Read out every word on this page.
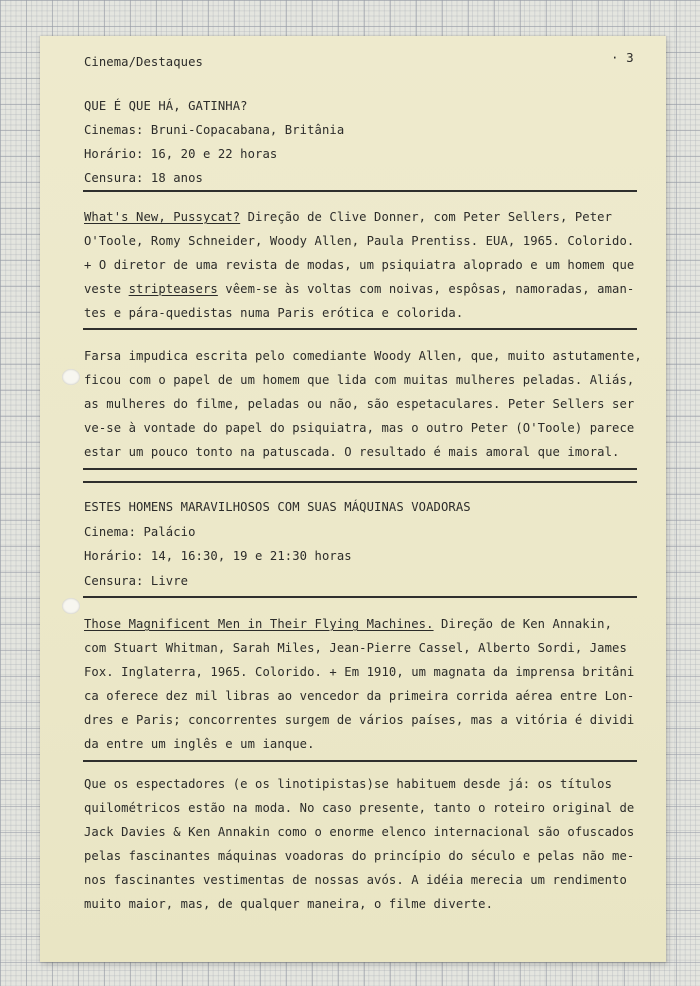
Cinema/Destaques	· 3
QUE É QUE HÁ, GATINHA?
Cinemas: Bruni-Copacabana, Britânia
Horário: 16, 20 e 22 horas
Censura: 18 anos
What's New, Pussycat? Direção de Clive Donner, com Peter Sellers, Peter
O'Toole, Romy Schneider, Woody Allen, Paula Prentiss. EUA, 1965. Colorido.
+ O diretor de uma revista de modas, um psiquiatra aloprado e um homem que
veste stripteasers vêem-se às voltas com noivas, espôsas, namoradas, aman-
tes e pára-quedistas numa Paris erótica e colorida.
Farsa impudica escrita pelo comediante Woody Allen, que, muito astutamente,
ficou com o papel de um homem que lida com muitas mulheres peladas. Aliás,
as mulheres do filme, peladas ou não, são espetaculares. Peter Sellers ser
ve-se à vontade do papel do psiquiatra, mas o outro Peter (O'Toole) parece
estar um pouco tonto na patuscada. O resultado é mais amoral que imoral.
ESTES HOMENS MARAVILHOSOS COM SUAS MÁQUINAS VOADORAS
Cinema: Palácio
Horário: 14, 16:30, 19 e 21:30 horas
Censura: Livre
Those Magnificent Men in Their Flying Machines. Direção de Ken Annakin,
com Stuart Whitman, Sarah Miles, Jean-Pierre Cassel, Alberto Sordi, James
Fox. Inglaterra, 1965. Colorido. + Em 1910, um magnata da imprensa britâni
ca oferece dez mil libras ao vencedor da primeira corrida aérea entre Lon-
dres e Paris; concorrentes surgem de vários países, mas a vitória é dividi
da entre um inglês e um ianque.
Que os espectadores (e os linotipistas)se habituem desde já: os títulos
quilométricos estão na moda. No caso presente, tanto o roteiro original de
Jack Davies & Ken Annakin como o enorme elenco internacional são ofuscados
pelas fascinantes máquinas voadoras do princípio do século e pelas não me-
nos fascinantes vestimentas de nossas avós. A idéia merecia um rendimento
muito maior, mas, de qualquer maneira, o filme diverte.
